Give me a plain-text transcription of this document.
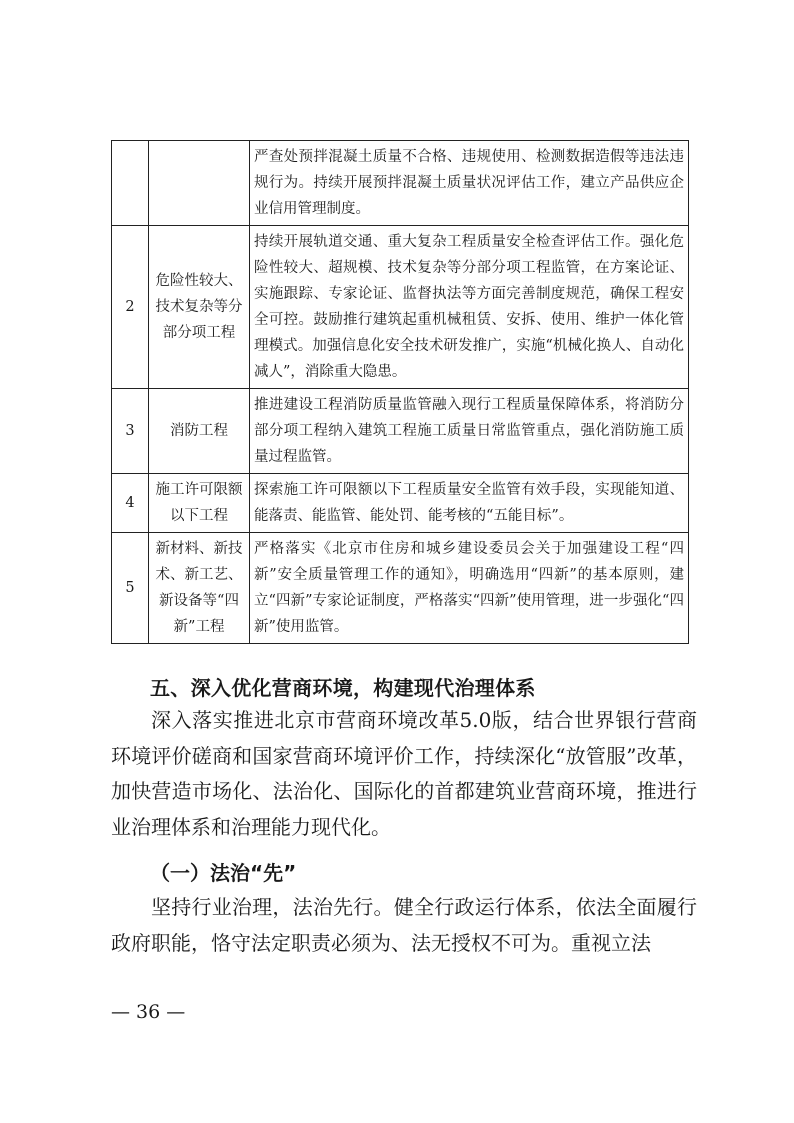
		严查处预拌混凝土质量不合格、违规使用、检测数据造假等违法违规行为。持续开展预拌混凝土质量状况评估工作，建立产品供应企业信用管理制度。
2	危险性较大、技术复杂等分部分项工程	持续开展轨道交通、重大复杂工程质量安全检查评估工作。强化危险性较大、超规模、技术复杂等分部分项工程监管，在方案论证、实施跟踪、专家论证、监督执法等方面完善制度规范，确保工程安全可控。鼓励推行建筑起重机械租赁、安拆、使用、维护一体化管理模式。加强信息化安全技术研发推广，实施“机械化换人、自动化减人”，消除重大隐患。
3	消防工程	推进建设工程消防质量监管融入现行工程质量保障体系，将消防分部分项工程纳入建筑工程施工质量日常监管重点，强化消防施工质量过程监管。
4	施工许可限额以下工程	探索施工许可限额以下工程质量安全监管有效手段，实现能知道、能落责、能监管、能处罚、能考核的“五能目标”。
5	新材料、新技术、新工艺、新设备等“四新”工程	严格落实《北京市住房和城乡建设委员会关于加强建设工程“四新”安全质量管理工作的通知》，明确选用“四新”的基本原则，建立“四新”专家论证制度，严格落实“四新”使用管理，进一步强化“四新”使用监管。
五、深入优化营商环境，构建现代治理体系

深入落实推进北京市营商环境改革5.0版，结合世界银行营商环境评价磋商和国家营商环境评价工作，持续深化“放管服”改革，加快营造市场化、法治化、国际化的首都建筑业营商环境，推进行业治理体系和治理能力现代化。

（一）法治“先”

坚持行业治理，法治先行。健全行政运行体系，依法全面履行政府职能，恪守法定职责必须为、法无授权不可为。重视立法

— 36 —
